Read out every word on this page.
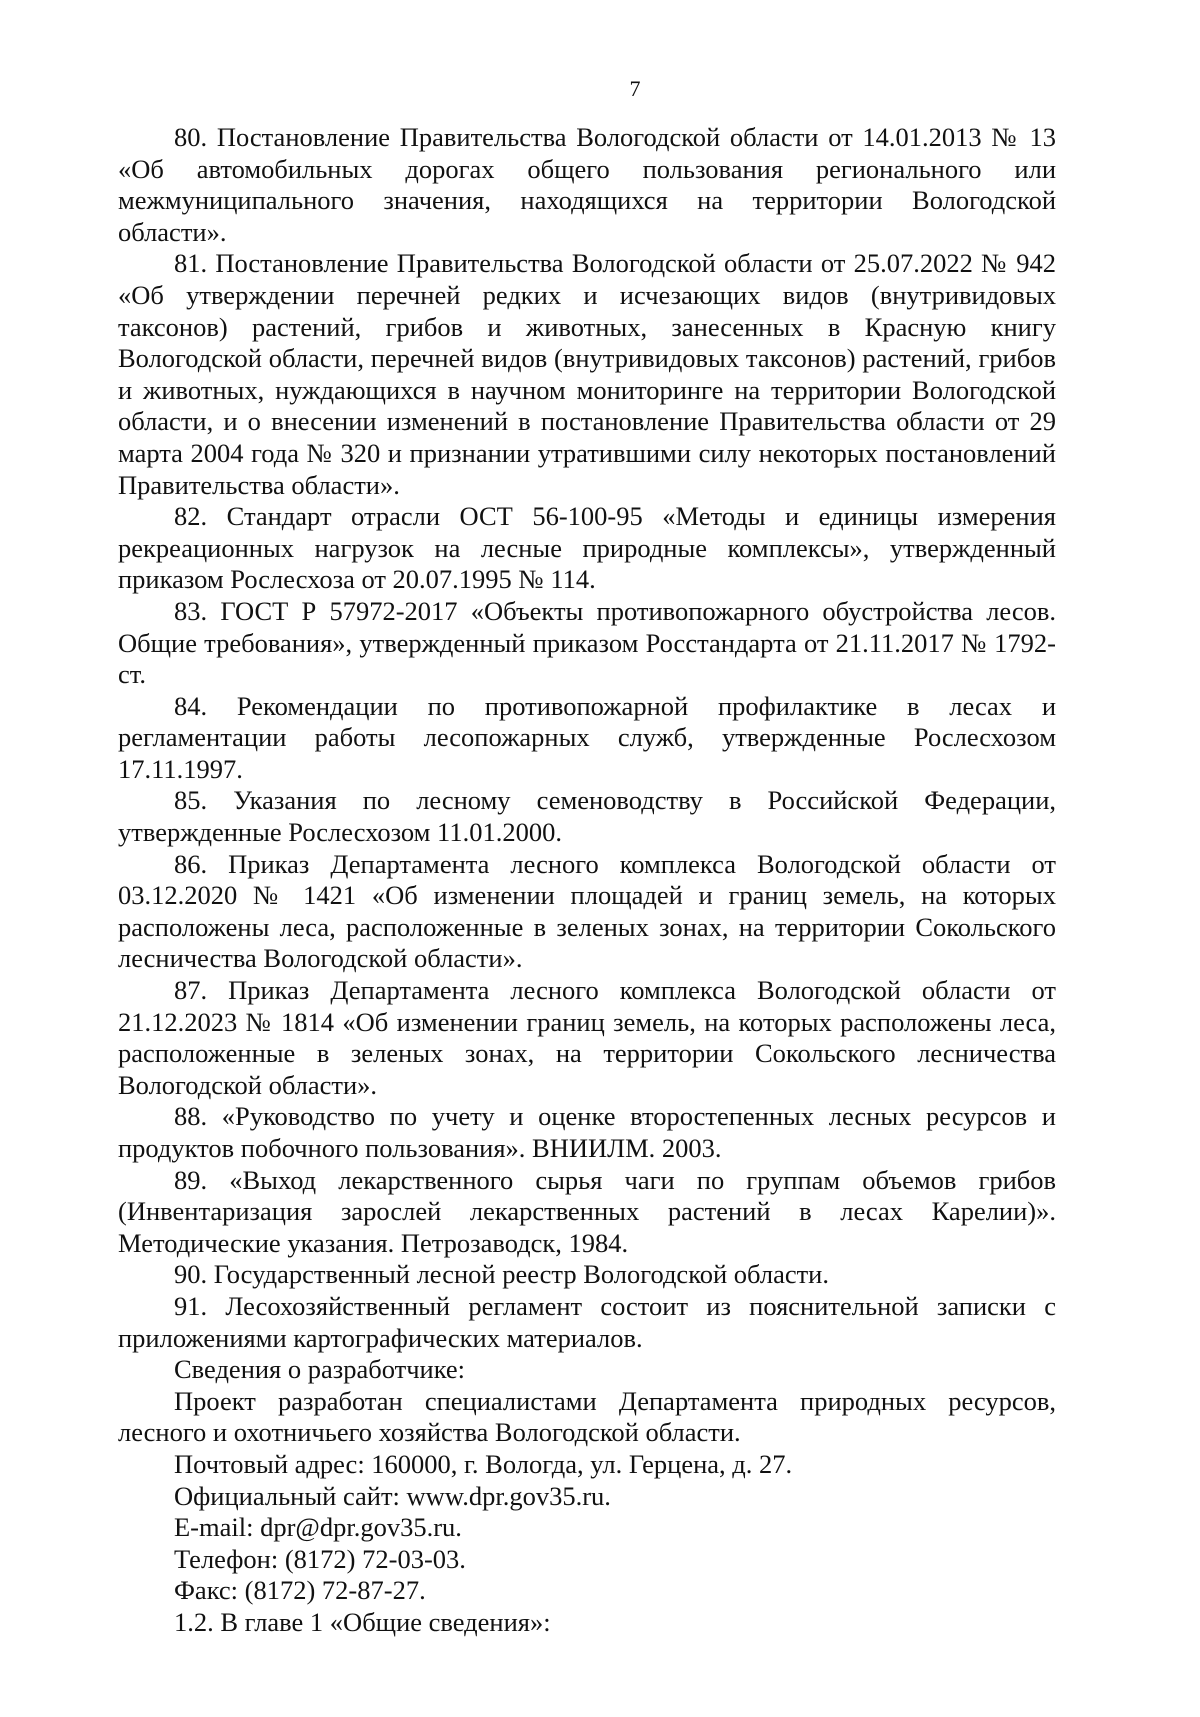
7

80. Постановление Правительства Вологодской области от 14.01.2013 № 13 «Об автомобильных дорогах общего пользования регионального или межмуниципального значения, находящихся на территории Вологодской области».

81. Постановление Правительства Вологодской области от 25.07.2022 № 942 «Об утверждении перечней редких и исчезающих видов (внутривидовых таксонов) растений, грибов и животных, занесенных в Красную книгу Вологодской области, перечней видов (внутривидовых таксонов) растений, грибов и животных, нуждающихся в научном мониторинге на территории Вологодской области, и о внесении изменений в постановление Правительства области от 29 марта 2004 года № 320 и признании утратившими силу некоторых постановлений Правительства области».

82. Стандарт отрасли ОСТ 56-100-95 «Методы и единицы измерения рекреационных нагрузок на лесные природные комплексы», утвержденный приказом Рослесхоза от 20.07.1995 № 114.

83. ГОСТ Р 57972-2017 «Объекты противопожарного обустройства лесов. Общие требования», утвержденный приказом Росстандарта от 21.11.2017 № 1792-ст.

84. Рекомендации по противопожарной профилактике в лесах и регламентации работы лесопожарных служб, утвержденные Рослесхозом 17.11.1997.

85. Указания по лесному семеноводству в Российской Федерации, утвержденные Рослесхозом 11.01.2000.

86. Приказ Департамента лесного комплекса Вологодской области от 03.12.2020 № 1421 «Об изменении площадей и границ земель, на которых расположены леса, расположенные в зеленых зонах, на территории Сокольского лесничества Вологодской области».

87. Приказ Департамента лесного комплекса Вологодской области от 21.12.2023 № 1814 «Об изменении границ земель, на которых расположены леса, расположенные в зеленых зонах, на территории Сокольского лесничества Вологодской области».

88. «Руководство по учету и оценке второстепенных лесных ресурсов и продуктов побочного пользования». ВНИИЛМ. 2003.

89. «Выход лекарственного сырья чаги по группам объемов грибов (Инвентаризация зарослей лекарственных растений в лесах Карелии)». Методические указания. Петрозаводск, 1984.

90. Государственный лесной реестр Вологодской области.

91. Лесохозяйственный регламент состоит из пояснительной записки с приложениями картографических материалов.

Сведения о разработчике:

Проект разработан специалистами Департамента природных ресурсов, лесного и охотничьего хозяйства Вологодской области.

Почтовый адрес: 160000, г. Вологда, ул. Герцена, д. 27.

Официальный сайт: www.dpr.gov35.ru.

E-mail: dpr@dpr.gov35.ru.

Телефон: (8172) 72-03-03.

Факс: (8172) 72-87-27.

1.2. В главе 1 «Общие сведения»:
